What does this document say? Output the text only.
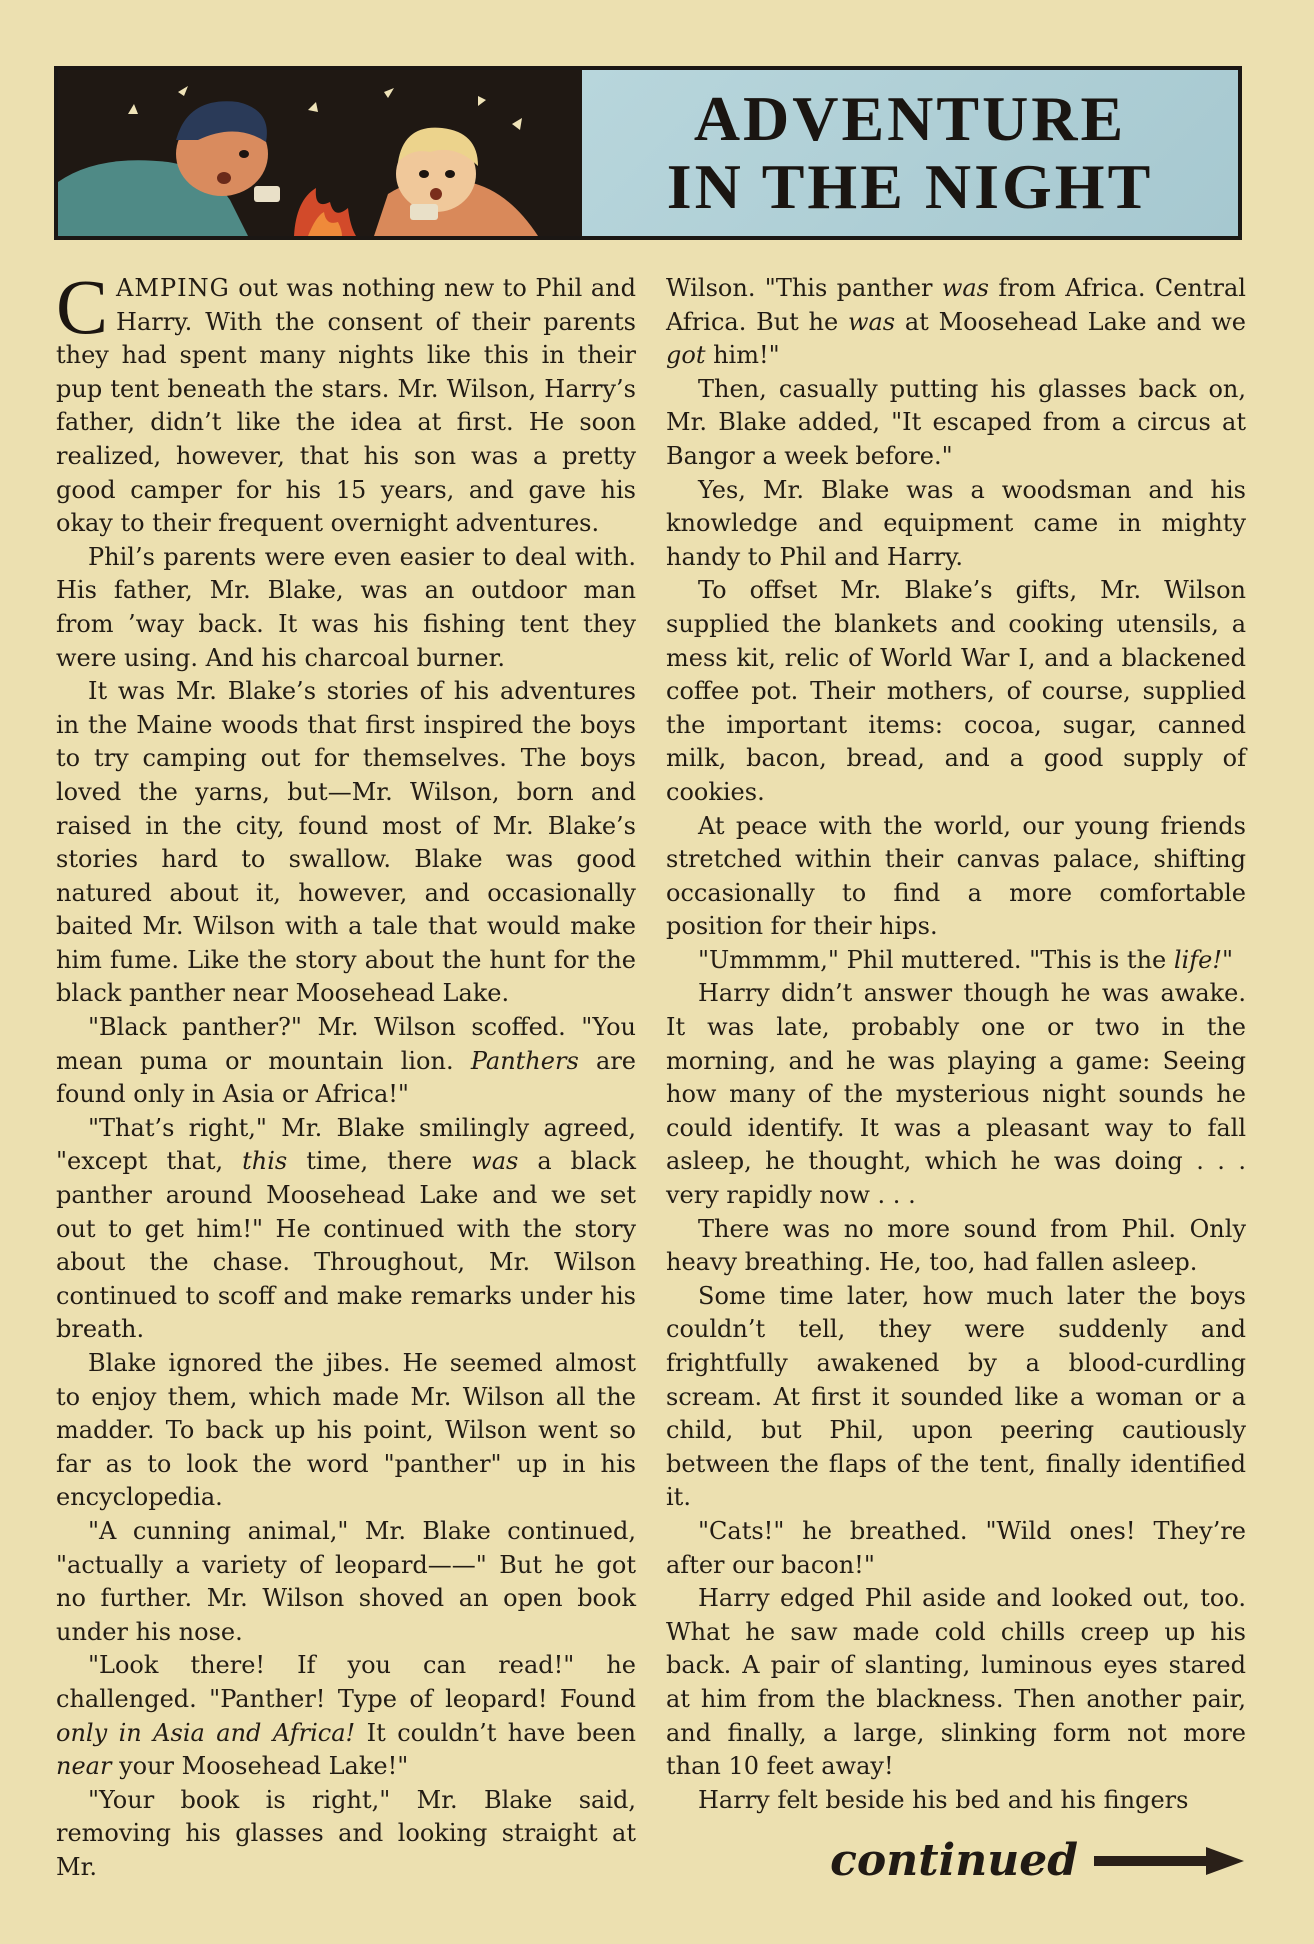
ADVENTURE
IN THE NIGHT

CAMPING out was nothing new to Phil and Harry. With the consent of their parents they had spent many nights like this in their pup tent beneath the stars. Mr. Wilson, Harry’s father, didn’t like the idea at first. He soon realized, however, that his son was a pretty good camper for his 15 years, and gave his okay to their frequent overnight adventures.

Phil’s parents were even easier to deal with. His father, Mr. Blake, was an outdoor man from ’way back. It was his fishing tent they were using. And his charcoal burner.

It was Mr. Blake’s stories of his adventures in the Maine woods that first inspired the boys to try camping out for themselves. The boys loved the yarns, but—Mr. Wilson, born and raised in the city, found most of Mr. Blake’s stories hard to swallow. Blake was good natured about it, however, and occasionally baited Mr. Wilson with a tale that would make him fume. Like the story about the hunt for the black panther near Moosehead Lake.

"Black panther?" Mr. Wilson scoffed. "You mean puma or mountain lion. Panthers are found only in Asia or Africa!"

"That’s right," Mr. Blake smilingly agreed, "except that, this time, there was a black panther around Moosehead Lake and we set out to get him!" He continued with the story about the chase. Throughout, Mr. Wilson continued to scoff and make remarks under his breath.

Blake ignored the jibes. He seemed almost to enjoy them, which made Mr. Wilson all the madder. To back up his point, Wilson went so far as to look the word "panther" up in his encyclopedia.

"A cunning animal," Mr. Blake continued, "actually a variety of leopard——" But he got no further. Mr. Wilson shoved an open book under his nose.

"Look there! If you can read!" he challenged. "Panther! Type of leopard! Found only in Asia and Africa! It couldn’t have been near your Moosehead Lake!"

"Your book is right," Mr. Blake said, removing his glasses and looking straight at Mr.

Wilson. "This panther was from Africa. Central Africa. But he was at Moosehead Lake and we got him!"

Then, casually putting his glasses back on, Mr. Blake added, "It escaped from a circus at Bangor a week before."

Yes, Mr. Blake was a woodsman and his knowledge and equipment came in mighty handy to Phil and Harry.

To offset Mr. Blake’s gifts, Mr. Wilson supplied the blankets and cooking utensils, a mess kit, relic of World War I, and a blackened coffee pot. Their mothers, of course, supplied the important items: cocoa, sugar, canned milk, bacon, bread, and a good supply of cookies.

At peace with the world, our young friends stretched within their canvas palace, shifting occasionally to find a more comfortable position for their hips.

"Ummmm," Phil muttered. "This is the life!"

Harry didn’t answer though he was awake. It was late, probably one or two in the morning, and he was playing a game: Seeing how many of the mysterious night sounds he could identify. It was a pleasant way to fall asleep, he thought, which he was doing . . . very rapidly now . . .

There was no more sound from Phil. Only heavy breathing. He, too, had fallen asleep.

Some time later, how much later the boys couldn’t tell, they were suddenly and frightfully awakened by a blood-curdling scream. At first it sounded like a woman or a child, but Phil, upon peering cautiously between the flaps of the tent, finally identified it.

"Cats!" he breathed. "Wild ones! They’re after our bacon!"

Harry edged Phil aside and looked out, too. What he saw made cold chills creep up his back. A pair of slanting, luminous eyes stared at him from the blackness. Then another pair, and finally, a large, slinking form not more than 10 feet away!

Harry felt beside his bed and his fingers

continued
